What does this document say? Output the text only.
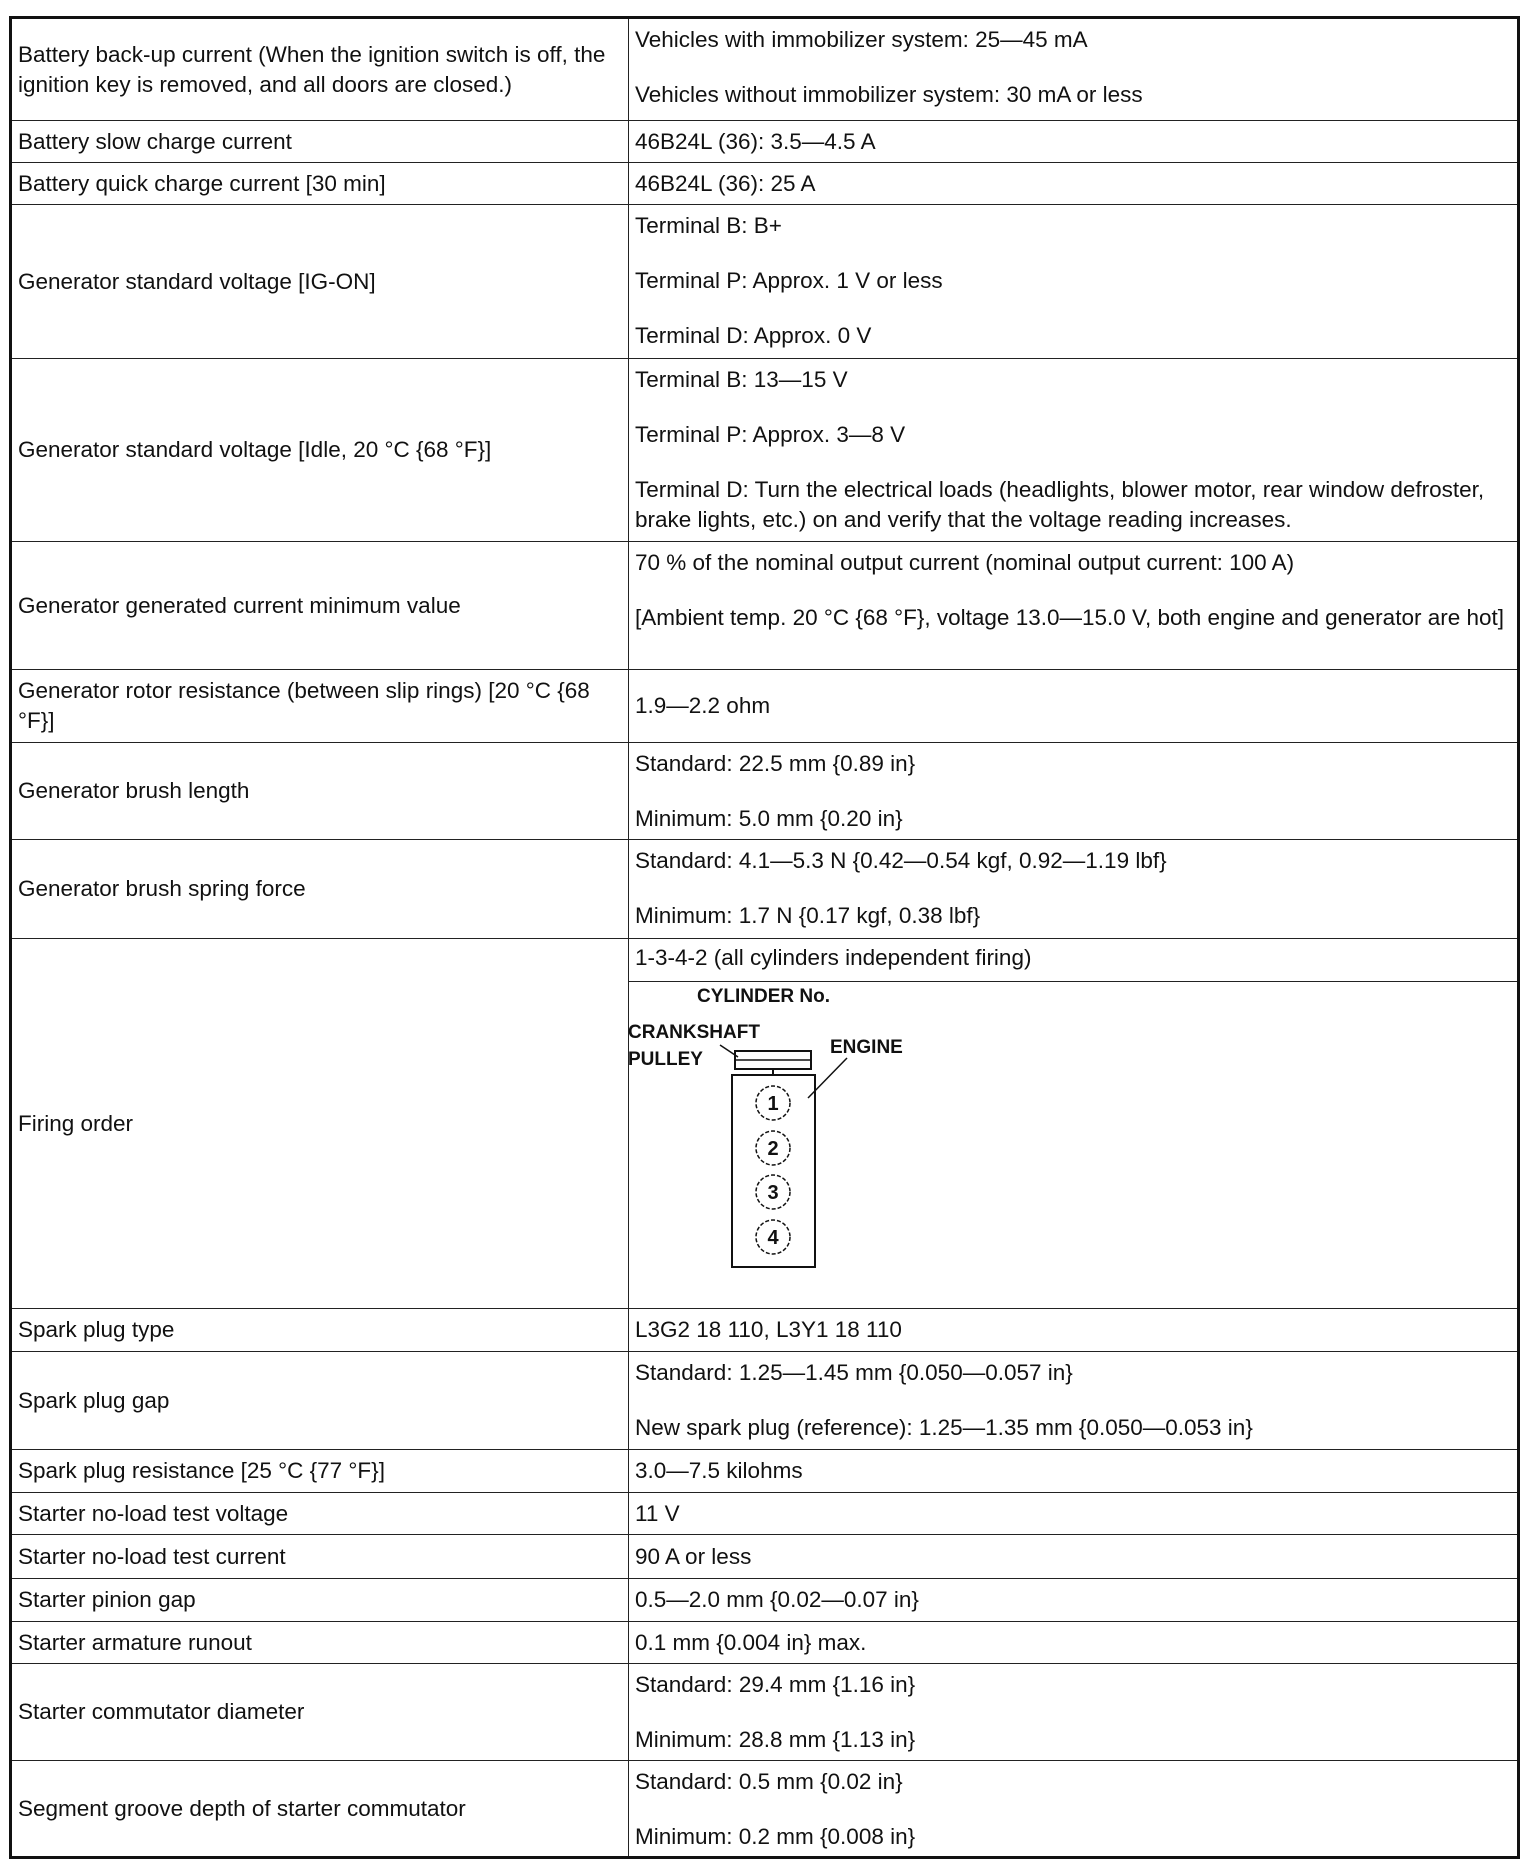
Battery back-up current (When the ignition switch is off, the ignition key is removed, and all doors are closed.)	Vehicles with immobilizer system: 25—45 mA

Vehicles without immobilizer system: 30 mA or less

Battery slow charge current	46B24L (36): 3.5—4.5 A

Battery quick charge current [30 min]	46B24L (36): 25 A

Generator standard voltage [IG-ON]	Terminal B: B+

Terminal P: Approx. 1 V or less

Terminal D: Approx. 0 V

Generator standard voltage [Idle, 20 °C {68 °F}]	Terminal B: 13—15 V

Terminal P: Approx. 3—8 V

Terminal D: Turn the electrical loads (headlights, blower motor, rear window defroster, brake lights, etc.) on and verify that the voltage reading increases.

Generator generated current minimum value	70 % of the nominal output current (nominal output current: 100 A)

[Ambient temp. 20 °C {68 °F}, voltage 13.0—15.0 V, both engine and generator are hot]

Generator rotor resistance (between slip rings) [20 °C {68 °F}]	1.9—2.2 ohm

Generator brush length	Standard: 22.5 mm {0.89 in}

Minimum: 5.0 mm {0.20 in}

Generator brush spring force	Standard: 4.1—5.3 N {0.42—0.54 kgf, 0.92—1.19 lbf}

Minimum: 1.7 N {0.17 kgf, 0.38 lbf}

Firing order	1-3-4-2 (all cylinders independent firing)

Spark plug type	L3G2 18 110, L3Y1 18 110

Spark plug gap	Standard: 1.25—1.45 mm {0.050—0.057 in}

New spark plug (reference): 1.25—1.35 mm {0.050—0.053 in}

Spark plug resistance [25 °C {77 °F}]	3.0—7.5 kilohms

Starter no-load test voltage	11 V

Starter no-load test current	90 A or less

Starter pinion gap	0.5—2.0 mm {0.02—0.07 in}

Starter armature runout	0.1 mm {0.004 in} max.

Starter commutator diameter	Standard: 29.4 mm {1.16 in}

Minimum: 28.8 mm {1.13 in}

Segment groove depth of starter commutator	Standard: 0.5 mm {0.02 in}

Minimum: 0.2 mm {0.008 in}

CYLINDER No.
CRANKSHAFT
PULLEY
ENGINE
1
2
3
4
